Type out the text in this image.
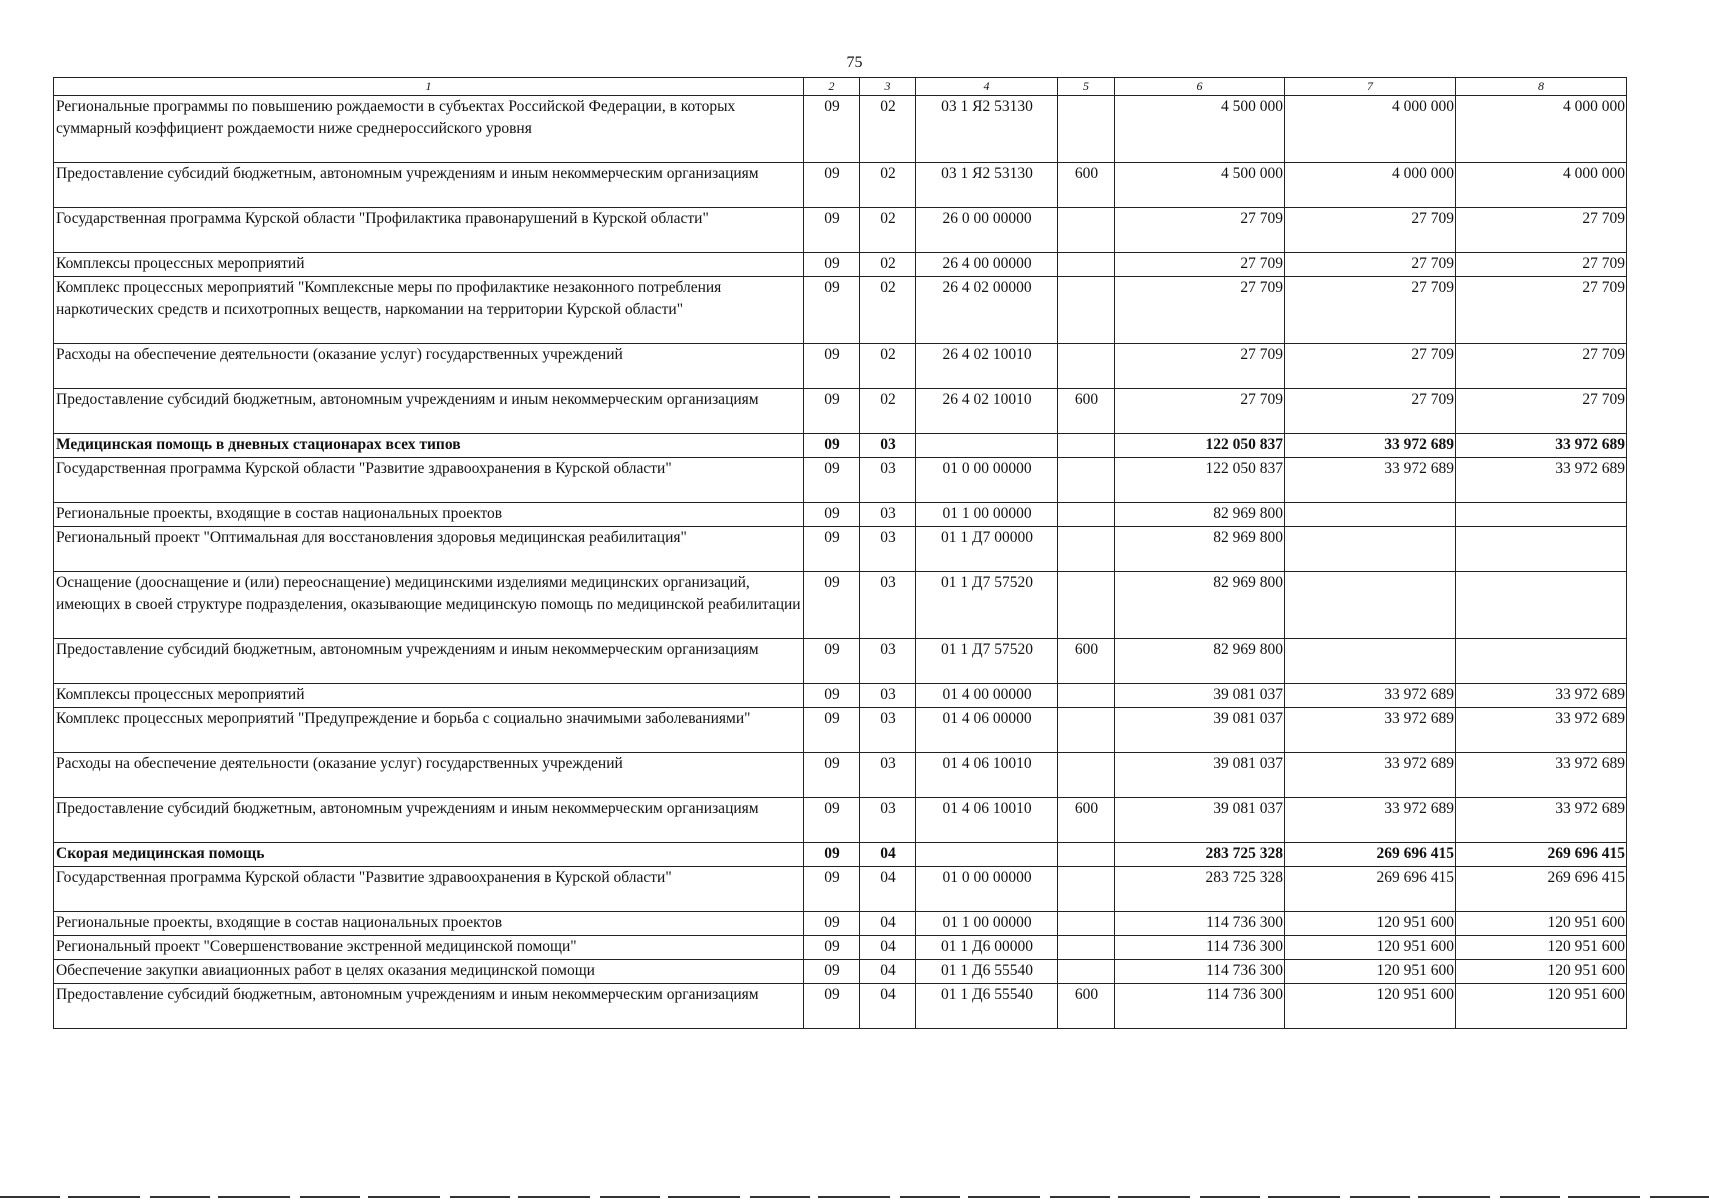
75
1	2	3	4	5	6	7	8
Региональные программы по повышению рождаемости в субъектах Российской Федерации, в которых суммарный коэффициент рождаемости ниже среднероссийского уровня	09	02	03 1 Я2 53130		4 500 000	4 000 000	4 000 000
Предоставление субсидий бюджетным, автономным учреждениям и иным некоммерческим организациям	09	02	03 1 Я2 53130	600	4 500 000	4 000 000	4 000 000
Государственная программа Курской области "Профилактика правонарушений в Курской области"	09	02	26 0 00 00000		27 709	27 709	27 709
Комплексы процессных мероприятий	09	02	26 4 00 00000		27 709	27 709	27 709
Комплекс процессных мероприятий "Комплексные меры по профилактике незаконного потребления наркотических средств и психотропных веществ, наркомании на территории Курской области"	09	02	26 4 02 00000		27 709	27 709	27 709
Расходы на обеспечение деятельности (оказание услуг) государственных учреждений	09	02	26 4 02 10010		27 709	27 709	27 709
Предоставление субсидий бюджетным, автономным учреждениям и иным некоммерческим организациям	09	02	26 4 02 10010	600	27 709	27 709	27 709
Медицинская помощь в дневных стационарах всех типов	09	03			122 050 837	33 972 689	33 972 689
Государственная программа Курской области "Развитие здравоохранения в Курской области"	09	03	01 0 00 00000		122 050 837	33 972 689	33 972 689
Региональные проекты, входящие в состав национальных проектов	09	03	01 1 00 00000		82 969 800		
Региональный проект "Оптимальная для восстановления здоровья медицинская реабилитация"	09	03	01 1 Д7 00000		82 969 800		
Оснащение (дооснащение и (или) переоснащение) медицинскими изделиями медицинских организаций, имеющих в своей структуре подразделения, оказывающие медицинскую помощь по медицинской реабилитации	09	03	01 1 Д7 57520		82 969 800		
Предоставление субсидий бюджетным, автономным учреждениям и иным некоммерческим организациям	09	03	01 1 Д7 57520	600	82 969 800		
Комплексы процессных мероприятий	09	03	01 4 00 00000		39 081 037	33 972 689	33 972 689
Комплекс процессных мероприятий "Предупреждение и борьба с социально значимыми заболеваниями"	09	03	01 4 06 00000		39 081 037	33 972 689	33 972 689
Расходы на обеспечение деятельности (оказание услуг) государственных учреждений	09	03	01 4 06 10010		39 081 037	33 972 689	33 972 689
Предоставление субсидий бюджетным, автономным учреждениям и иным некоммерческим организациям	09	03	01 4 06 10010	600	39 081 037	33 972 689	33 972 689
Скорая медицинская помощь	09	04			283 725 328	269 696 415	269 696 415
Государственная программа Курской области "Развитие здравоохранения в Курской области"	09	04	01 0 00 00000		283 725 328	269 696 415	269 696 415
Региональные проекты, входящие в состав национальных проектов	09	04	01 1 00 00000		114 736 300	120 951 600	120 951 600
Региональный проект "Совершенствование экстренной медицинской помощи"	09	04	01 1 Д6 00000		114 736 300	120 951 600	120 951 600
Обеспечение закупки авиационных работ в целях оказания медицинской помощи	09	04	01 1 Д6 55540		114 736 300	120 951 600	120 951 600
Предоставление субсидий бюджетным, автономным учреждениям и иным некоммерческим организациям	09	04	01 1 Д6 55540	600	114 736 300	120 951 600	120 951 600
